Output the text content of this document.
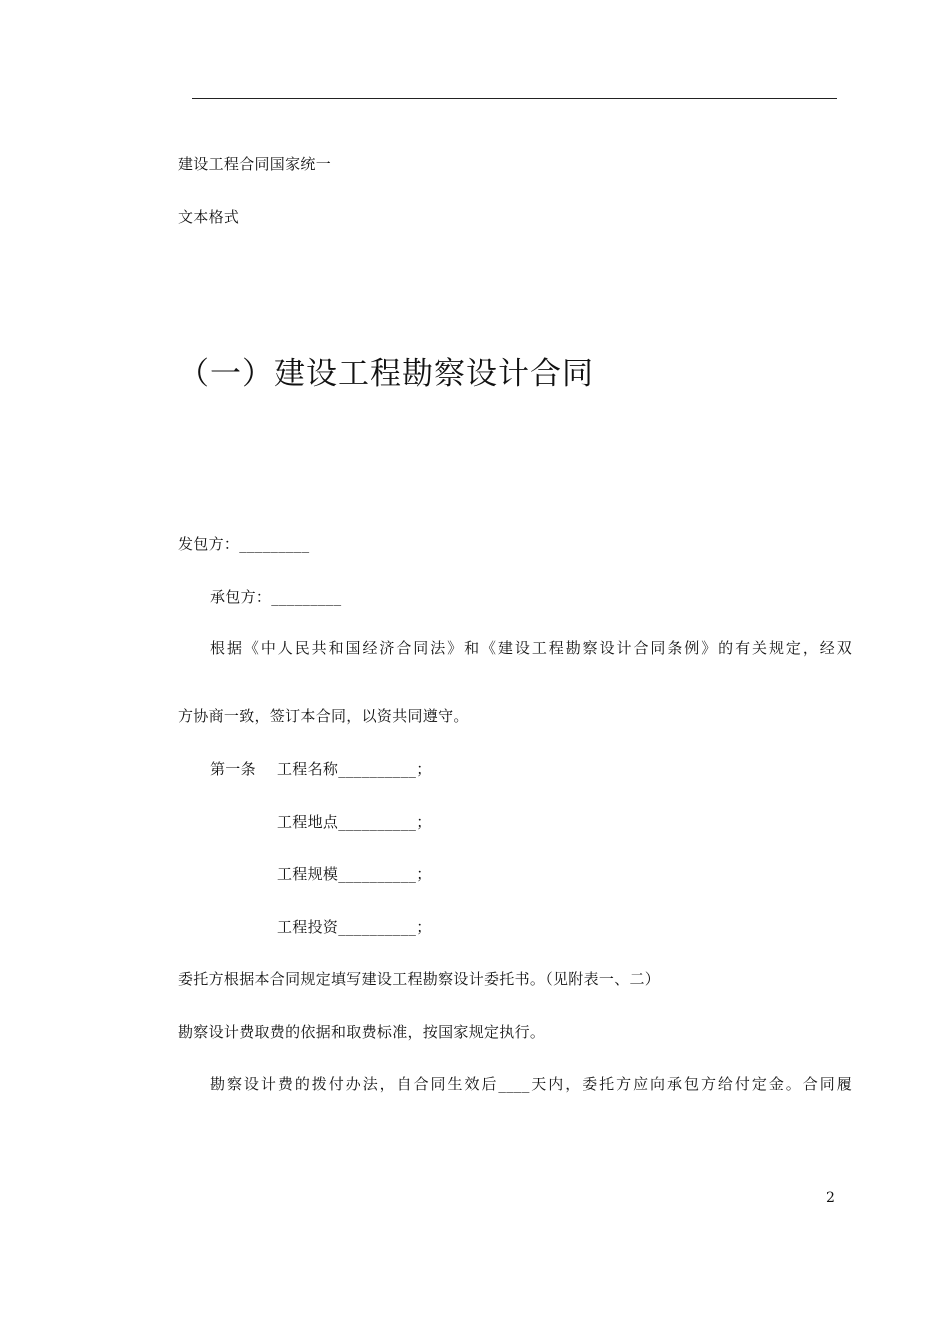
建设工程合同国家统一
文本格式
（一）建设工程勘察设计合同
发包方：_________
承包方：_________
根据《中人民共和国经济合同法》和《建设工程勘察设计合同条例》的有关规定，经双
方协商一致，签订本合同，以资共同遵守。
第一条 工程名称__________；
工程地点__________；
工程规模__________；
工程投资__________；
委托方根据本合同规定填写建设工程勘察设计委托书。（见附表一、二）
勘察设计费取费的依据和取费标准，按国家规定执行。
勘察设计费的拨付办法，自合同生效后____天内，委托方应向承包方给付定金。合同履
2
